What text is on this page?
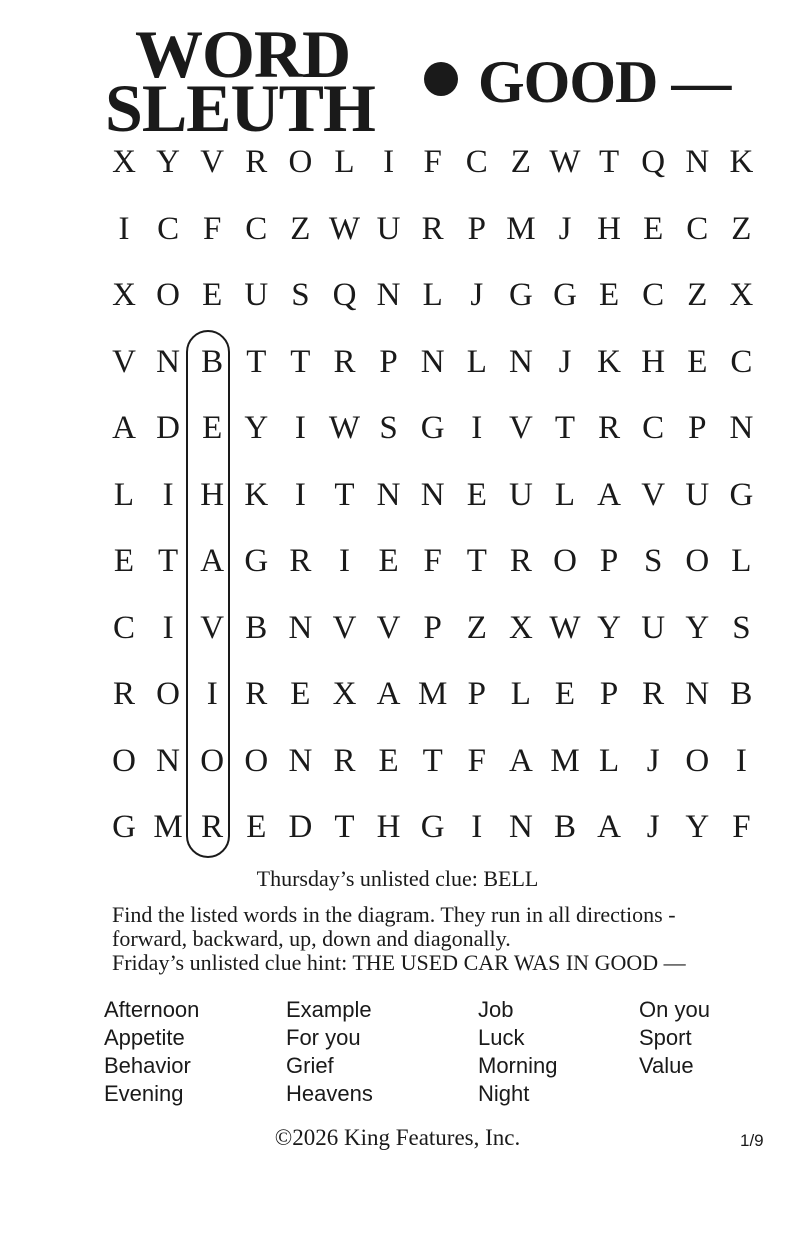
WORD
SLEUTH GOOD —
X Y V R O L I F C Z W T Q N K
I C F C Z W U R P M J H E C Z
X O E U S Q N L J G G E C Z X
V N B T T R P N L N J K H E C
A D E Y I W S G I V T R C P N
L I H K I T N N E U L A V U G
E T A G R I E F T R O P S O L
C I V B N V V P Z X W Y U Y S
R O I R E X A M P L E P R N B
O N O O N R E T F A M L J O I
G M R E D T H G I N B A J Y F
Thursday’s unlisted clue: BELL
Find the listed words in the diagram. They run in all directions -
forward, backward, up, down and diagonally.
Friday’s unlisted clue hint: THE USED CAR WAS IN GOOD —
Afternoon
Appetite
Behavior
Evening
Example
For you
Grief
Heavens
Job
Luck
Morning
Night
On you
Sport
Value
©2026 King Features, Inc.	1/9
